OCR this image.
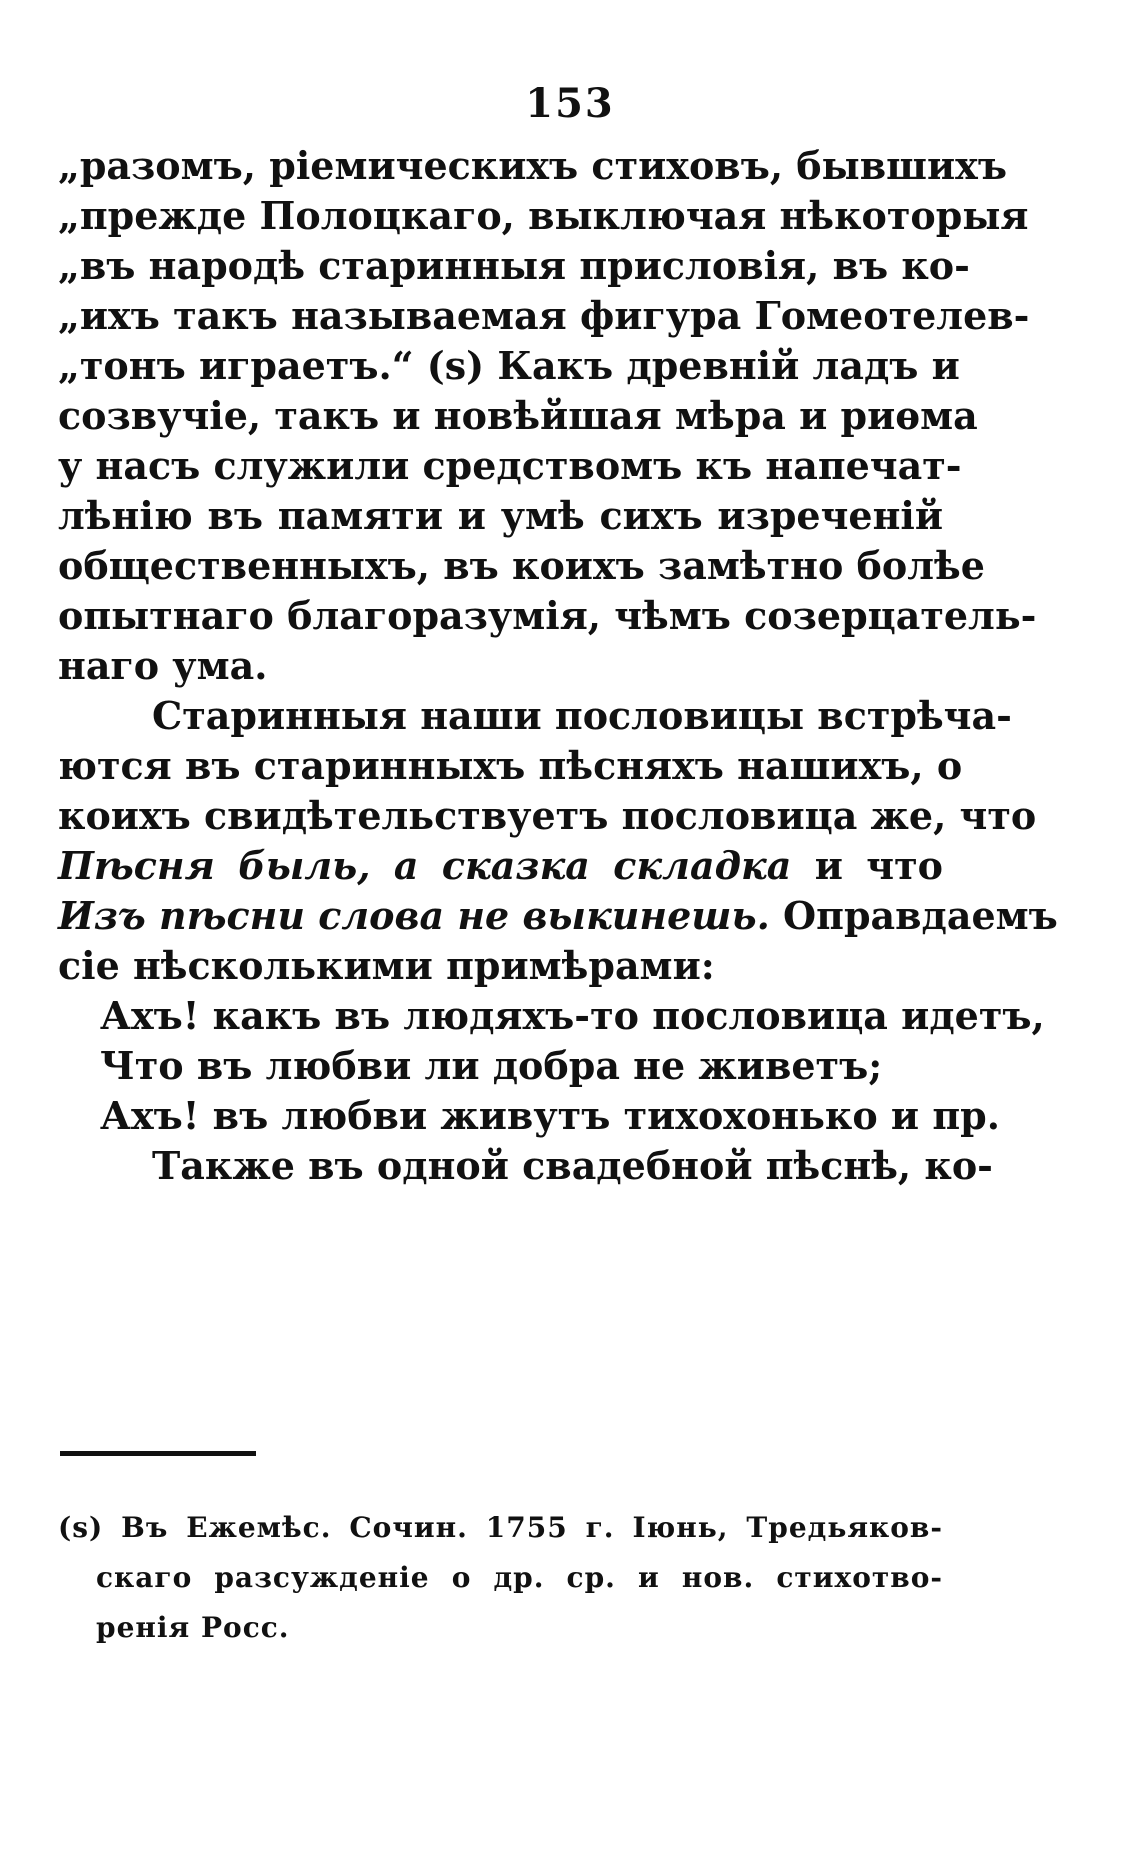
153
„разомъ, ріемическихъ стиховъ, бывшихъ
„прежде Полоцкаго, выключая нѣкоторыя
„въ народѣ старинныя присловія, въ ко-
„ихъ такъ называемая фигура Гомеотелев-
„тонъ играетъ.“ (s) Какъ древній ладъ и
созвучіе, такъ и новѣйшая мѣра и риѳма
у насъ служили средствомъ къ напечат-
лѣнію въ памяти и умѣ сихъ изреченій
общественныхъ, въ коихъ замѣтно болѣе
опытнаго благоразумія, чѣмъ созерцатель-
наго ума.
Старинныя наши пословицы встрѣча-
ются въ старинныхъ пѣсняхъ нашихъ, о
коихъ свидѣтельствуетъ пословица же, что
Пѣсня быль, а сказка складка и что
Изъ пѣсни слова не выкинешь. Оправдаемъ
сіе нѣсколькими примѣрами:
Ахъ! какъ въ людяхъ-то пословица идетъ,
Что въ любви ли добра не живетъ;
Ахъ! въ любви живутъ тихохонько и пр.
Также въ одной свадебной пѣснѣ, ко-
(s) Въ Ежемѣс. Сочин. 1755 г. Іюнь, Тредьяков-
скаго разсужденіе о др. ср. и нов. стихотво-
ренія Росс.
